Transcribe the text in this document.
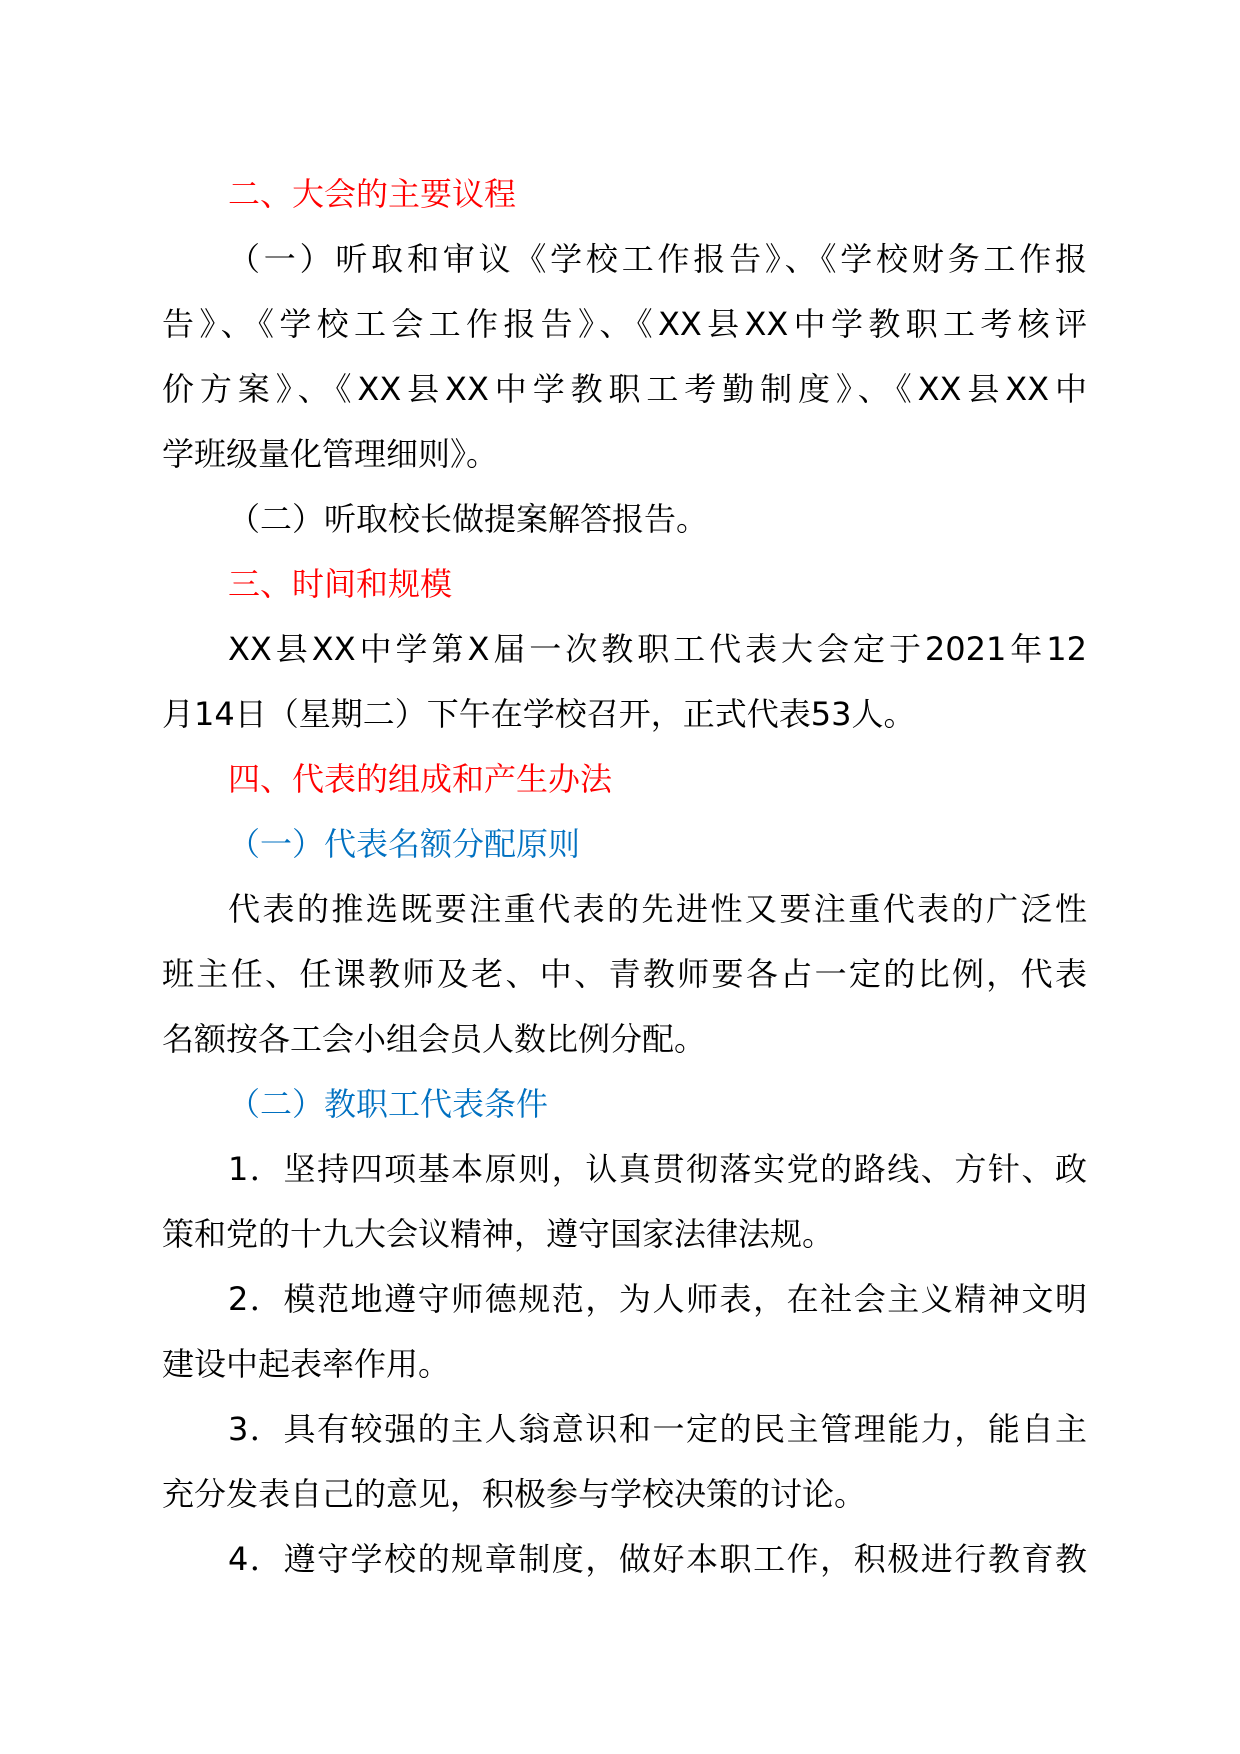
二、大会的主要议程
（一）听取和审议《学校工作报告》、《学校财务工作报
告》、《学校工会工作报告》、《XX县XX中学教职工考核评
价方案》、《XX县XX中学教职工考勤制度》、《XX县XX中
学班级量化管理细则》。
（二）听取校长做提案解答报告。
三、时间和规模
XX县XX中学第X届一次教职工代表大会定于2021年12
月14日（星期二）下午在学校召开，正式代表53人。
四、代表的组成和产生办法
（一）代表名额分配原则
代表的推选既要注重代表的先进性又要注重代表的广泛性
班主任、任课教师及老、中、青教师要各占一定的比例，代表
名额按各工会小组会员人数比例分配。
（二）教职工代表条件
1．坚持四项基本原则，认真贯彻落实党的路线、方针、政
策和党的十九大会议精神，遵守国家法律法规。
2．模范地遵守师德规范，为人师表，在社会主义精神文明
建设中起表率作用。
3．具有较强的主人翁意识和一定的民主管理能力，能自主
充分发表自己的意见，积极参与学校决策的讨论。
4．遵守学校的规章制度，做好本职工作，积极进行教育教
